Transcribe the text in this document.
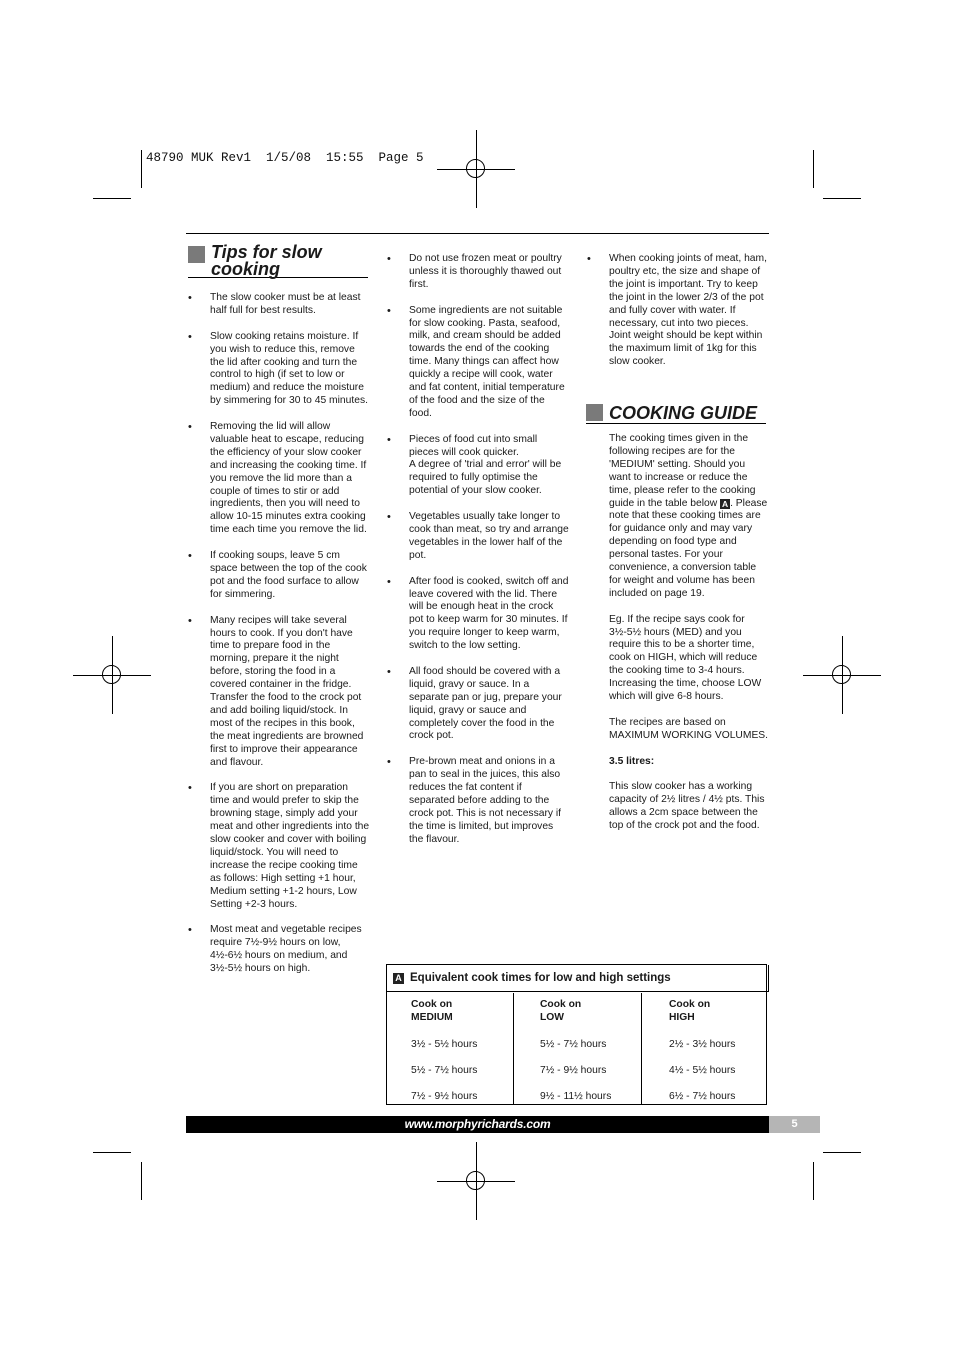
48790 MUK Rev1  1/5/08  15:55  Page 5
Tips for slow
cooking
• The slow cooker must be at least half full for best results.
• Slow cooking retains moisture. If you wish to reduce this, remove the lid after cooking and turn the control to high (if set to low or medium) and reduce the moisture by simmering for 30 to 45 minutes.
• Removing the lid will allow valuable heat to escape, reducing the efficiency of your slow cooker and increasing the cooking time. If you remove the lid more than a couple of times to stir or add ingredients, then you will need to allow 10-15 minutes extra cooking time each time you remove the lid.
• If cooking soups, leave 5 cm space between the top of the cook pot and the food surface to allow for simmering.
• Many recipes will take several hours to cook. If you don't have time to prepare food in the morning, prepare it the night before, storing the food in a covered container in the fridge. Transfer the food to the crock pot and add boiling liquid/stock. In most of the recipes in this book, the meat ingredients are browned first to improve their appearance and flavour.
• If you are short on preparation time and would prefer to skip the browning stage, simply add your meat and other ingredients into the slow cooker and cover with boiling liquid/stock. You will need to increase the recipe cooking time as follows: High setting +1 hour, Medium setting +1-2 hours, Low Setting +2-3 hours.
• Most meat and vegetable recipes require 7½-9½ hours on low, 4½-6½ hours on medium, and 3½-5½ hours on high.
• Do not use frozen meat or poultry unless it is thoroughly thawed out first.
• Some ingredients are not suitable for slow cooking. Pasta, seafood, milk, and cream should be added towards the end of the cooking time. Many things can affect how quickly a recipe will cook, water and fat content, initial temperature of the food and the size of the food.
• Pieces of food cut into small pieces will cook quicker.
A degree of 'trial and error' will be required to fully optimise the potential of your slow cooker.
• Vegetables usually take longer to cook than meat, so try and arrange vegetables in the lower half of the pot.
• After food is cooked, switch off and leave covered with the lid. There will be enough heat in the crock pot to keep warm for 30 minutes. If you require longer to keep warm, switch to the low setting.
• All food should be covered with a liquid, gravy or sauce. In a separate pan or jug, prepare your liquid, gravy or sauce and completely cover the food in the crock pot.
• Pre-brown meat and onions in a pan to seal in the juices, this also reduces the fat content if separated before adding to the crock pot. This is not necessary if the time is limited, but improves the flavour.
• When cooking joints of meat, ham, poultry etc, the size and shape of the joint is important. Try to keep the joint in the lower 2/3 of the pot and fully cover with water. If necessary, cut into two pieces. Joint weight should be kept within the maximum limit of 1kg for this slow cooker.
COOKING GUIDE

The cooking times given in the following recipes are for the 'MEDIUM' setting. Should you want to increase or reduce the time, please refer to the cooking guide in the table below A . Please note that these cooking times are for guidance only and may vary depending on food type and personal tastes. For your convenience, a conversion table for weight and volume has been included on page 19.

Eg. If the recipe says cook for 3½-5½ hours (MED) and you require this to be a shorter time, cook on HIGH, which will reduce the cooking time to 3-4 hours. Increasing the time, choose LOW which will give 6-8 hours.

The recipes are based on MAXIMUM WORKING VOLUMES.

3.5 litres:

This slow cooker has a working capacity of 2½ litres / 4½ pts. This allows a 2cm space between the top of the crock pot and the food.

A Equivalent cook times for low and high settings
Cook on
MEDIUM
3½ - 5½ hours
5½ - 7½ hours
7½ - 9½ hours
Cook on
LOW
5½ - 7½ hours
7½ - 9½ hours
9½ - 11½ hours
Cook on
HIGH
2½ - 3½ hours
4½ - 5½ hours
6½ - 7½ hours
www.morphyrichards.com	5
